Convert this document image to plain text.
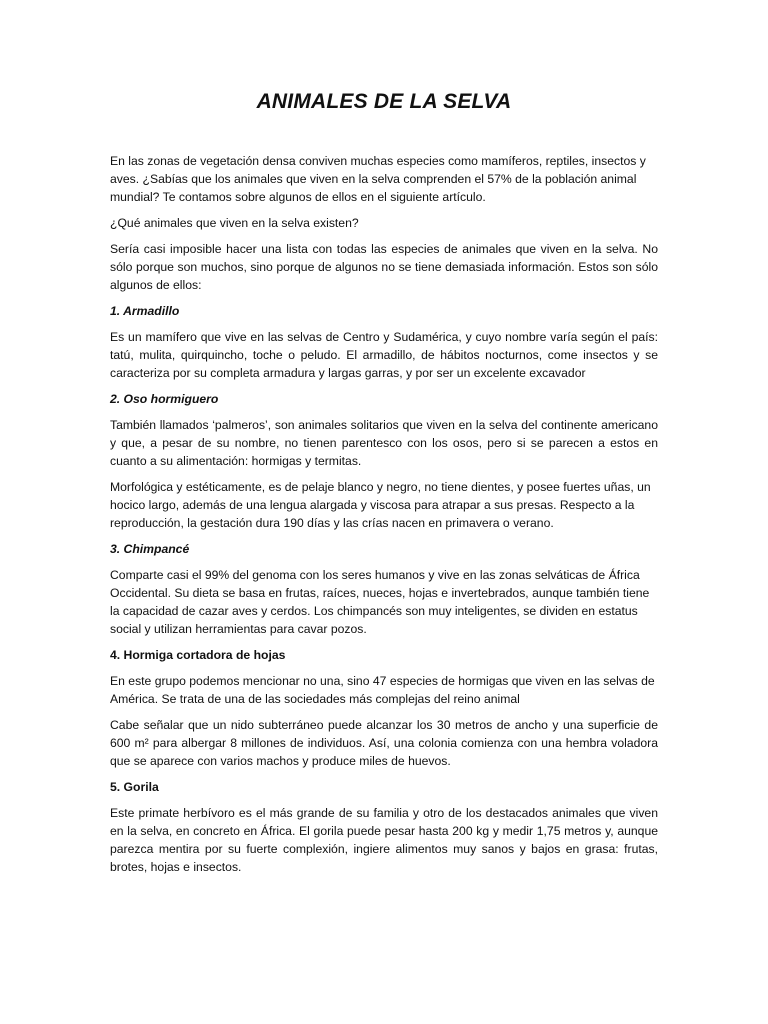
ANIMALES DE LA SELVA

En las zonas de vegetación densa conviven muchas especies como mamíferos, reptiles, insectos y aves. ¿Sabías que los animales que viven en la selva comprenden el 57% de la población animal mundial? Te contamos sobre algunos de ellos en el siguiente artículo.

¿Qué animales que viven en la selva existen?

Sería casi imposible hacer una lista con todas las especies de animales que viven en la selva. No sólo porque son muchos, sino porque de algunos no se tiene demasiada información. Estos son sólo algunos de ellos:

1. Armadillo

Es un mamífero que vive en las selvas de Centro y Sudamérica, y cuyo nombre varía según el país: tatú, mulita, quirquincho, toche o peludo. El armadillo, de hábitos nocturnos, come insectos y se caracteriza por su completa armadura y largas garras, y por ser un excelente excavador

2. Oso hormiguero

También llamados ‘palmeros’, son animales solitarios que viven en la selva del continente americano y que, a pesar de su nombre, no tienen parentesco con los osos, pero si se parecen a estos en cuanto a su alimentación: hormigas y termitas.

Morfológica y estéticamente, es de pelaje blanco y negro, no tiene dientes, y posee fuertes uñas, un hocico largo, además de una lengua alargada y viscosa para atrapar a sus presas. Respecto a la reproducción, la gestación dura 190 días y las crías nacen en primavera o verano.

3. Chimpancé

Comparte casi el 99% del genoma con los seres humanos y vive en las zonas selváticas de África Occidental. Su dieta se basa en frutas, raíces, nueces, hojas e invertebrados, aunque también tiene la capacidad de cazar aves y cerdos. Los chimpancés son muy inteligentes, se dividen en estatus social y utilizan herramientas para cavar pozos.

4. Hormiga cortadora de hojas

En este grupo podemos mencionar no una, sino 47 especies de hormigas que viven en las selvas de América. Se trata de una de las sociedades más complejas del reino animal

Cabe señalar que un nido subterráneo puede alcanzar los 30 metros de ancho y una superficie de 600 m² para albergar 8 millones de individuos. Así, una colonia comienza con una hembra voladora que se aparece con varios machos y produce miles de huevos.

5. Gorila

Este primate herbívoro es el más grande de su familia y otro de los destacados animales que viven en la selva, en concreto en África. El gorila puede pesar hasta 200 kg y medir 1,75 metros y, aunque parezca mentira por su fuerte complexión, ingiere alimentos muy sanos y bajos en grasa: frutas, brotes, hojas e insectos.
